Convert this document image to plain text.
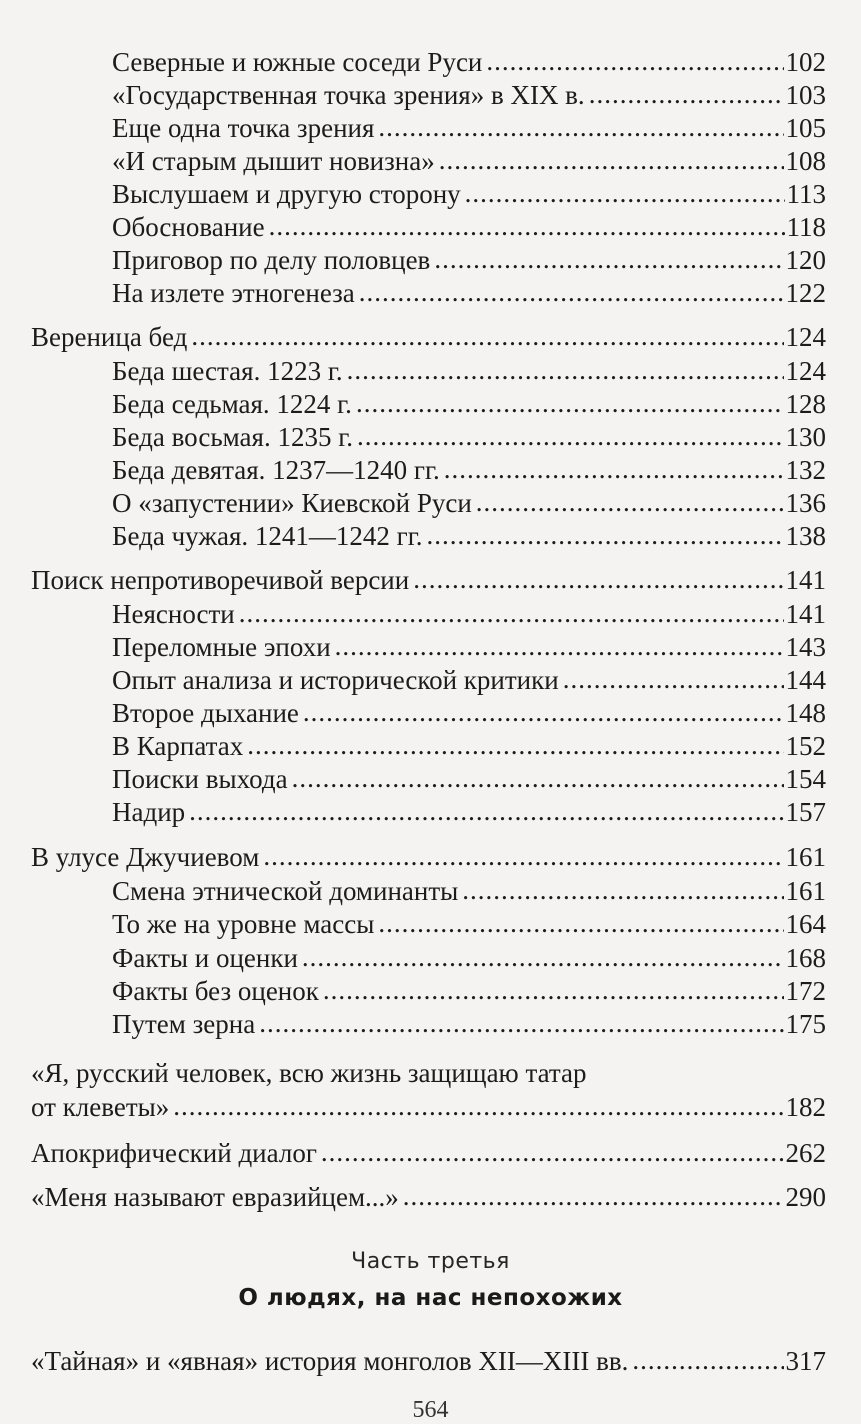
Северные и южные соседи Руси .....	102
«Государственная точка зрения» в XIX в. .....	103
Еще одна точка зрения .....	105
«И старым дышит новизна» .....	108
Выслушаем и другую сторону .....	113
Обоснование .....	118
Приговор по делу половцев .....	120
На излете этногенеза .....	122
Вереница бед .....	124
Беда шестая. 1223 г. .....	124
Беда седьмая. 1224 г. .....	128
Беда восьмая. 1235 г. .....	130
Беда девятая. 1237—1240 гг. .....	132
О «запустении» Киевской Руси .....	136
Беда чужая. 1241—1242 гг. .....	138
Поиск непротиворечивой версии .....	141
Неясности .....	141
Переломные эпохи .....	143
Опыт анализа и исторической критики .....	144
Второе дыхание .....	148
В Карпатах .....	152
Поиски выхода .....	154
Надир .....	157
В улусе Джучиевом .....	161
Смена этнической доминанты .....	161
То же на уровне массы .....	164
Факты и оценки .....	168
Факты без оценок .....	172
Путем зерна .....	175
«Я, русский человек, всю жизнь защищаю татар
от клеветы» .....	182
Апокрифический диалог .....	262
«Меня называют евразийцем...» .....	290
Часть третья
О людях, на нас непохожих
«Тайная» и «явная» история монголов XII—XIII вв. .....	317
564
